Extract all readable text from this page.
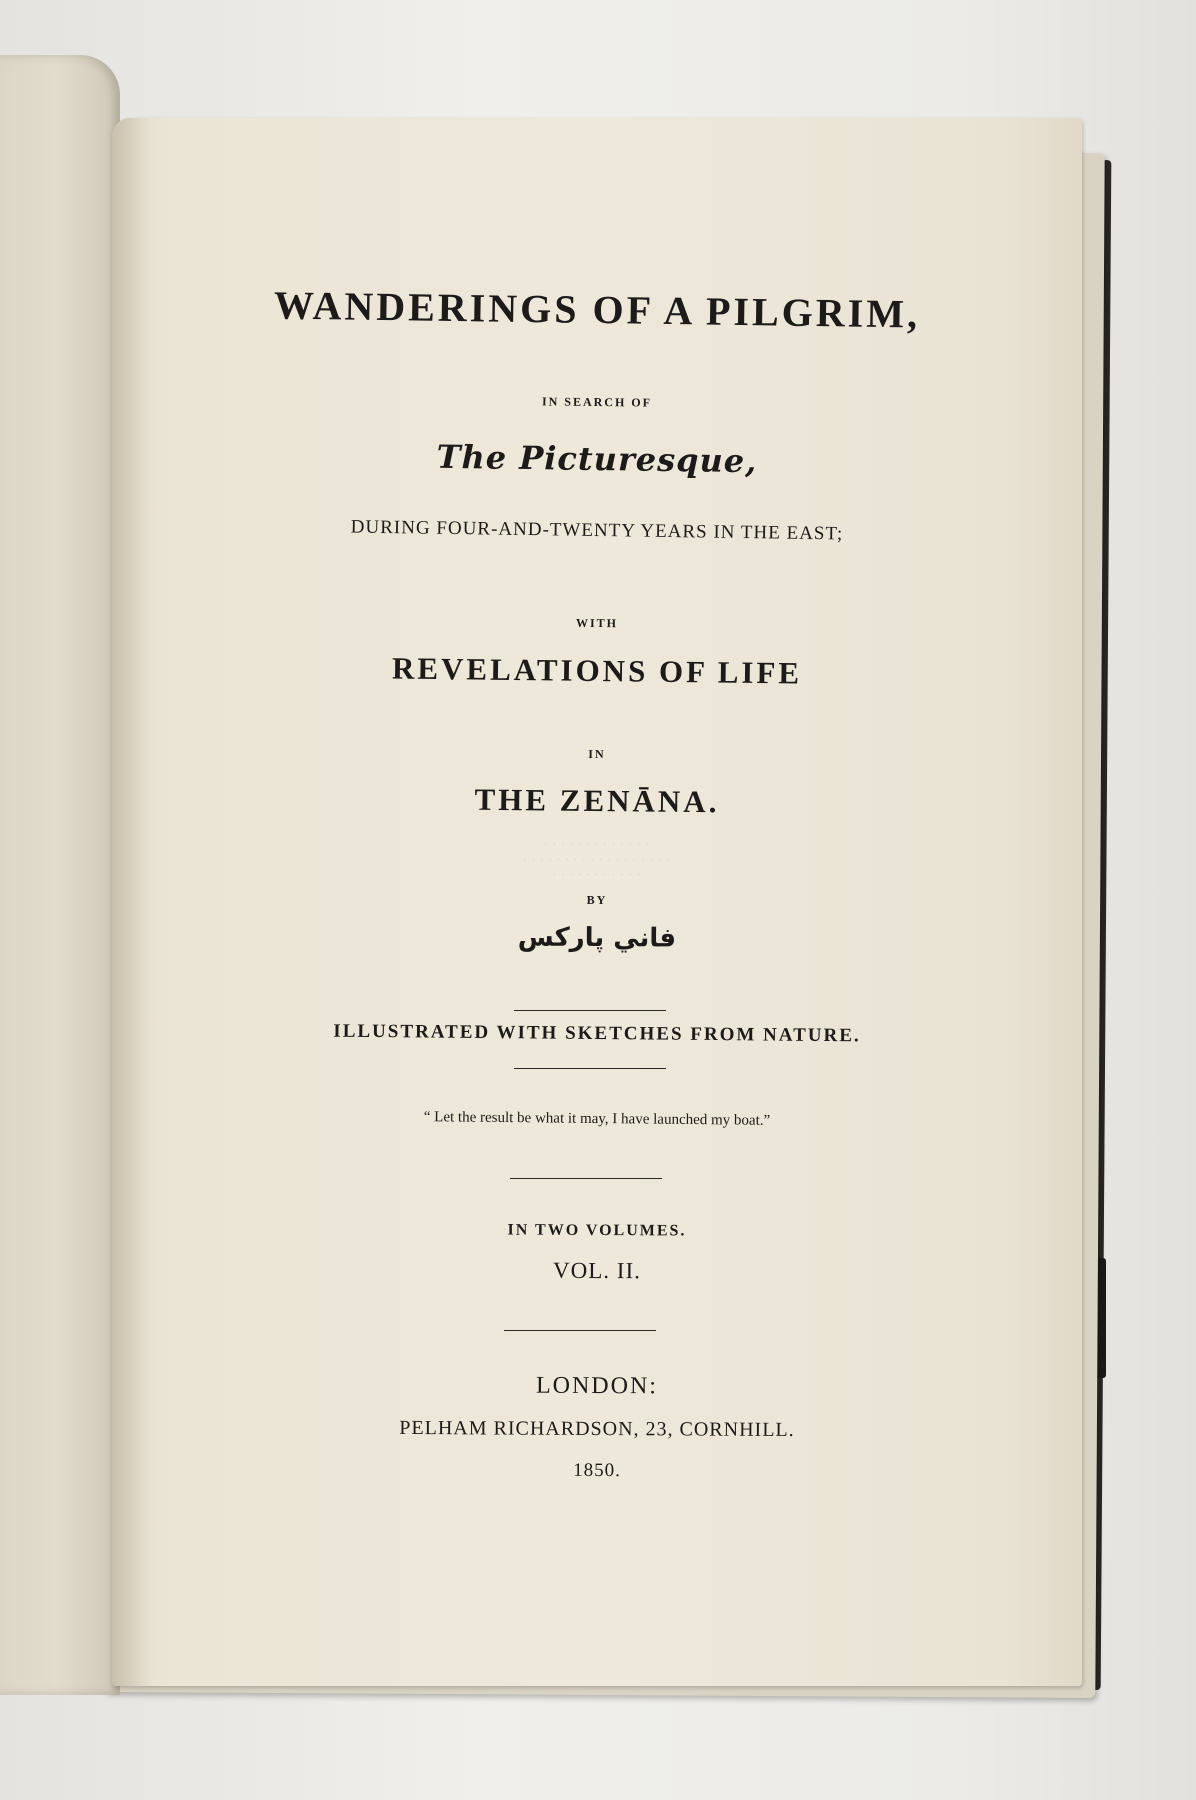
WANDERINGS OF A PILGRIM,
IN SEARCH OF
The Picturesque,
DURING FOUR-AND-TWENTY YEARS IN THE EAST;
WITH
REVELATIONS OF LIFE
IN
THE ZENĀNA.
· · · · · · · · · · · · ·
· · · · · · · · · · · · · · · · · ·
· · · · · · · · · · ·
BY
فاني پارکس
ILLUSTRATED WITH SKETCHES FROM NATURE.
“ Let the result be what it may, I have launched my boat.”
IN TWO VOLUMES.
VOL. II.
LONDON:
PELHAM RICHARDSON, 23, CORNHILL.
1850.
